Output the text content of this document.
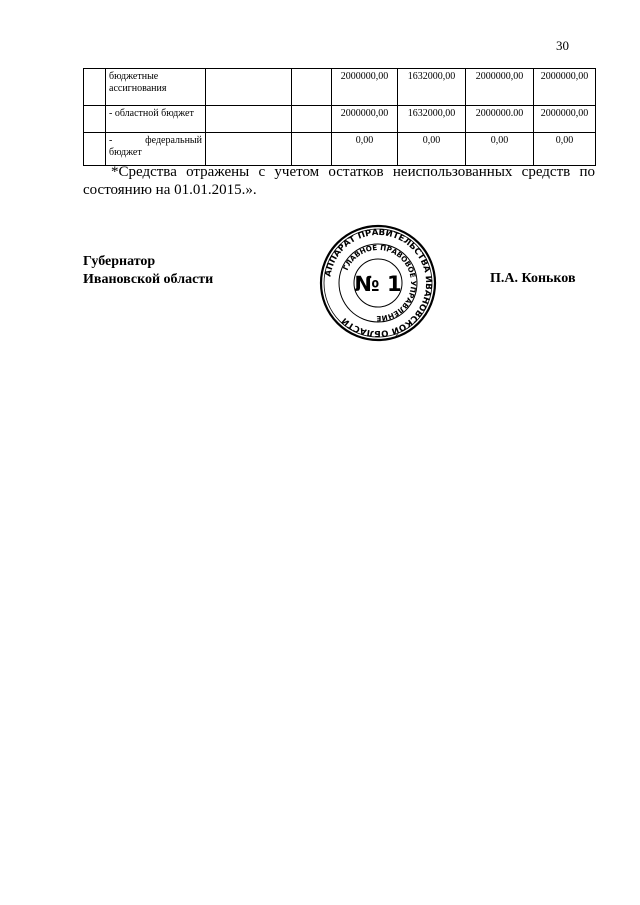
30

	бюджетные ассигнования			2000000,00	1632000,00	2000000,00	2000000,00

	- областной бюджет			2000000,00	1632000,00	2000000.00	2000000,00

	- федеральный бюджет			0,00	0,00	0,00	0,00
*Средства отражены с учетом остатков неиспользованных средств по состоянию на 01.01.2015.».
Губернатор
Ивановской области	П.А. Коньков
АППАРАТ ПРАВИТЕЛЬСТВА ИВАНОВСКОЙ ОБЛАСТИ
ГЛАВНОЕ ПРАВОВОЕ УПРАВЛЕНИЕ
№ 1
